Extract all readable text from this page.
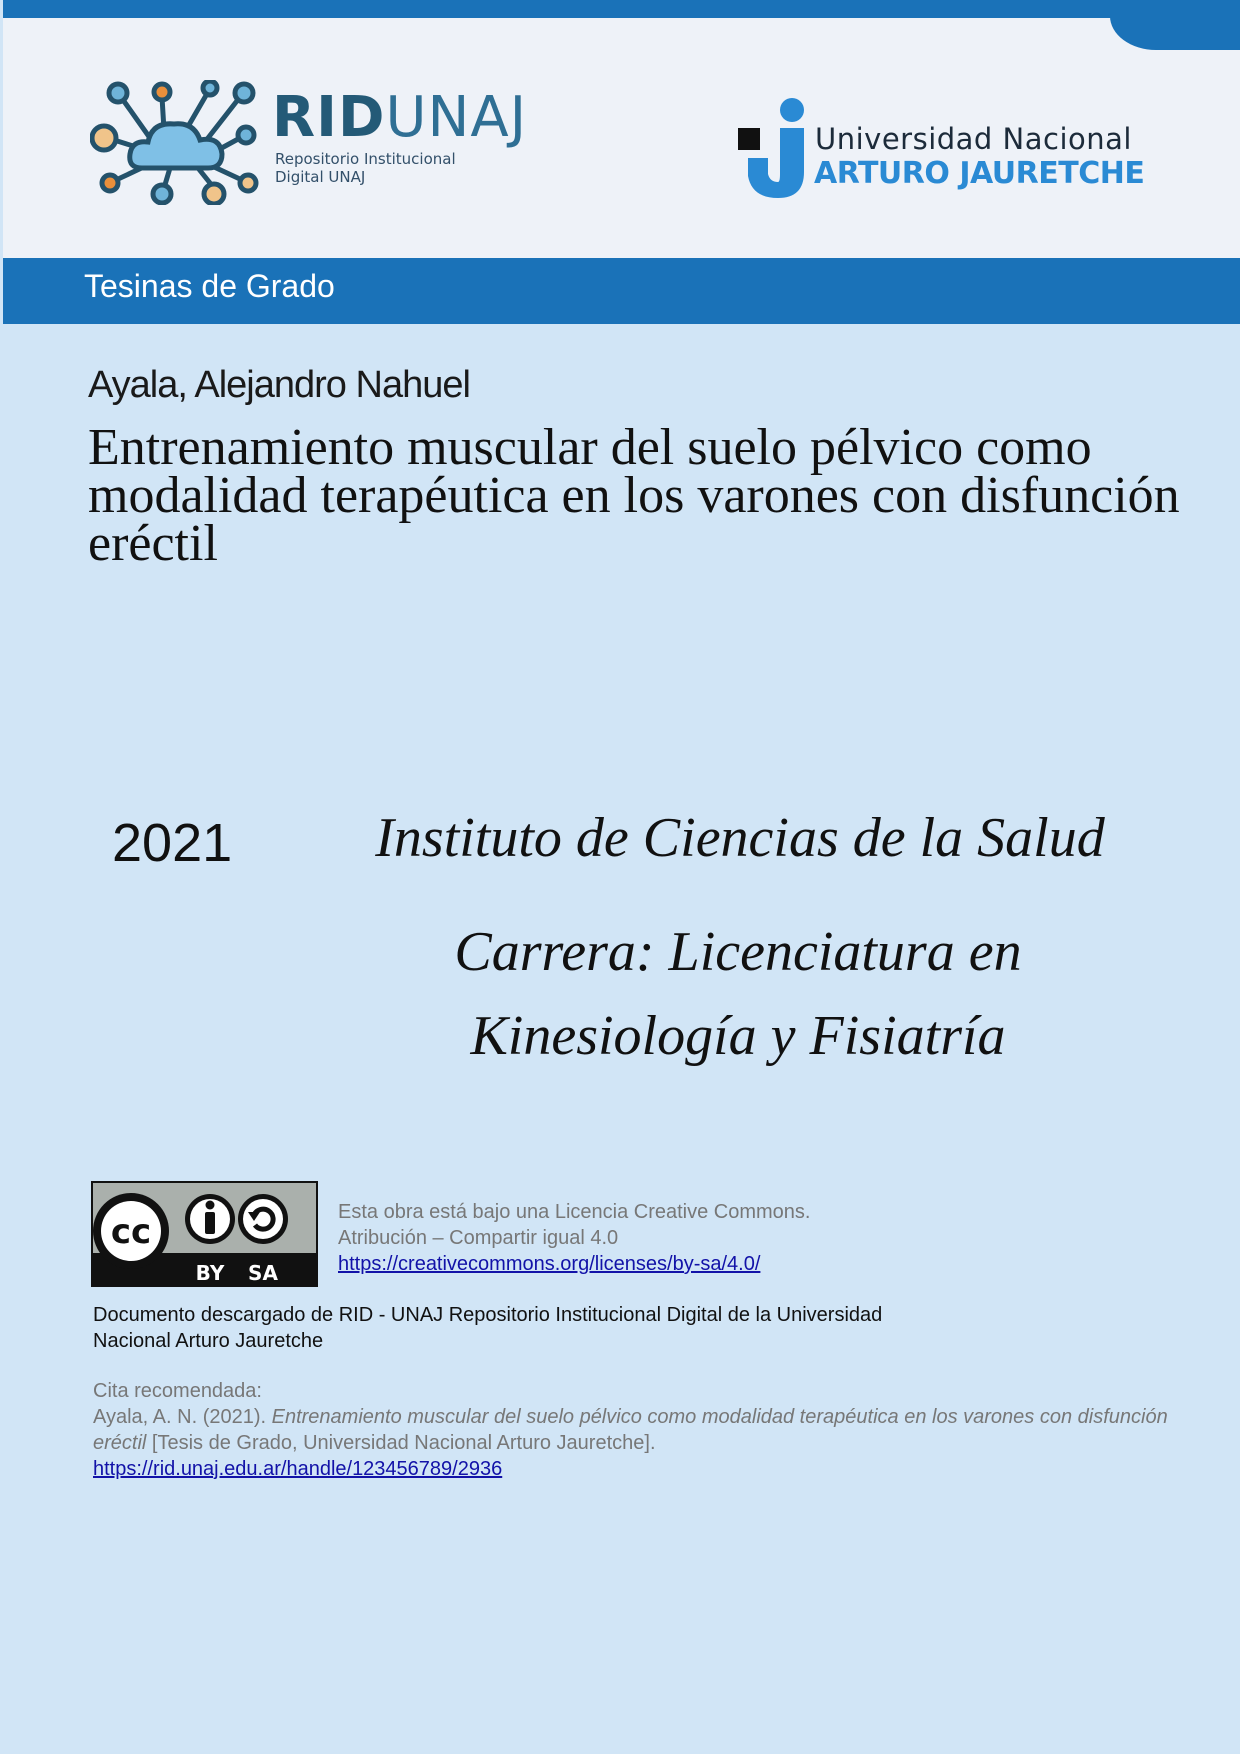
RIDUNAJ
Repositorio Institucional
Digital UNAJ
Universidad Nacional
ARTURO JAURETCHE
Tesinas de Grado
Ayala, Alejandro Nahuel
Entrenamiento muscular del suelo pélvico como modalidad terapéutica en los varones con disfunción eréctil
2021	Instituto de Ciencias de la Salud
Carrera: Licenciatura en Kinesiología y Fisiatría
cc
BY SA
Esta obra está bajo una Licencia Creative Commons.
Atribución – Compartir igual 4.0
https://creativecommons.org/licenses/by-sa/4.0/
Documento descargado de RID - UNAJ Repositorio Institucional Digital de la Universidad Nacional Arturo Jauretche
Cita recomendada:
Ayala, A. N. (2021). Entrenamiento muscular del suelo pélvico como modalidad terapéutica en los varones con disfunción eréctil [Tesis de Grado, Universidad Nacional Arturo Jauretche].
https://rid.unaj.edu.ar/handle/123456789/2936
